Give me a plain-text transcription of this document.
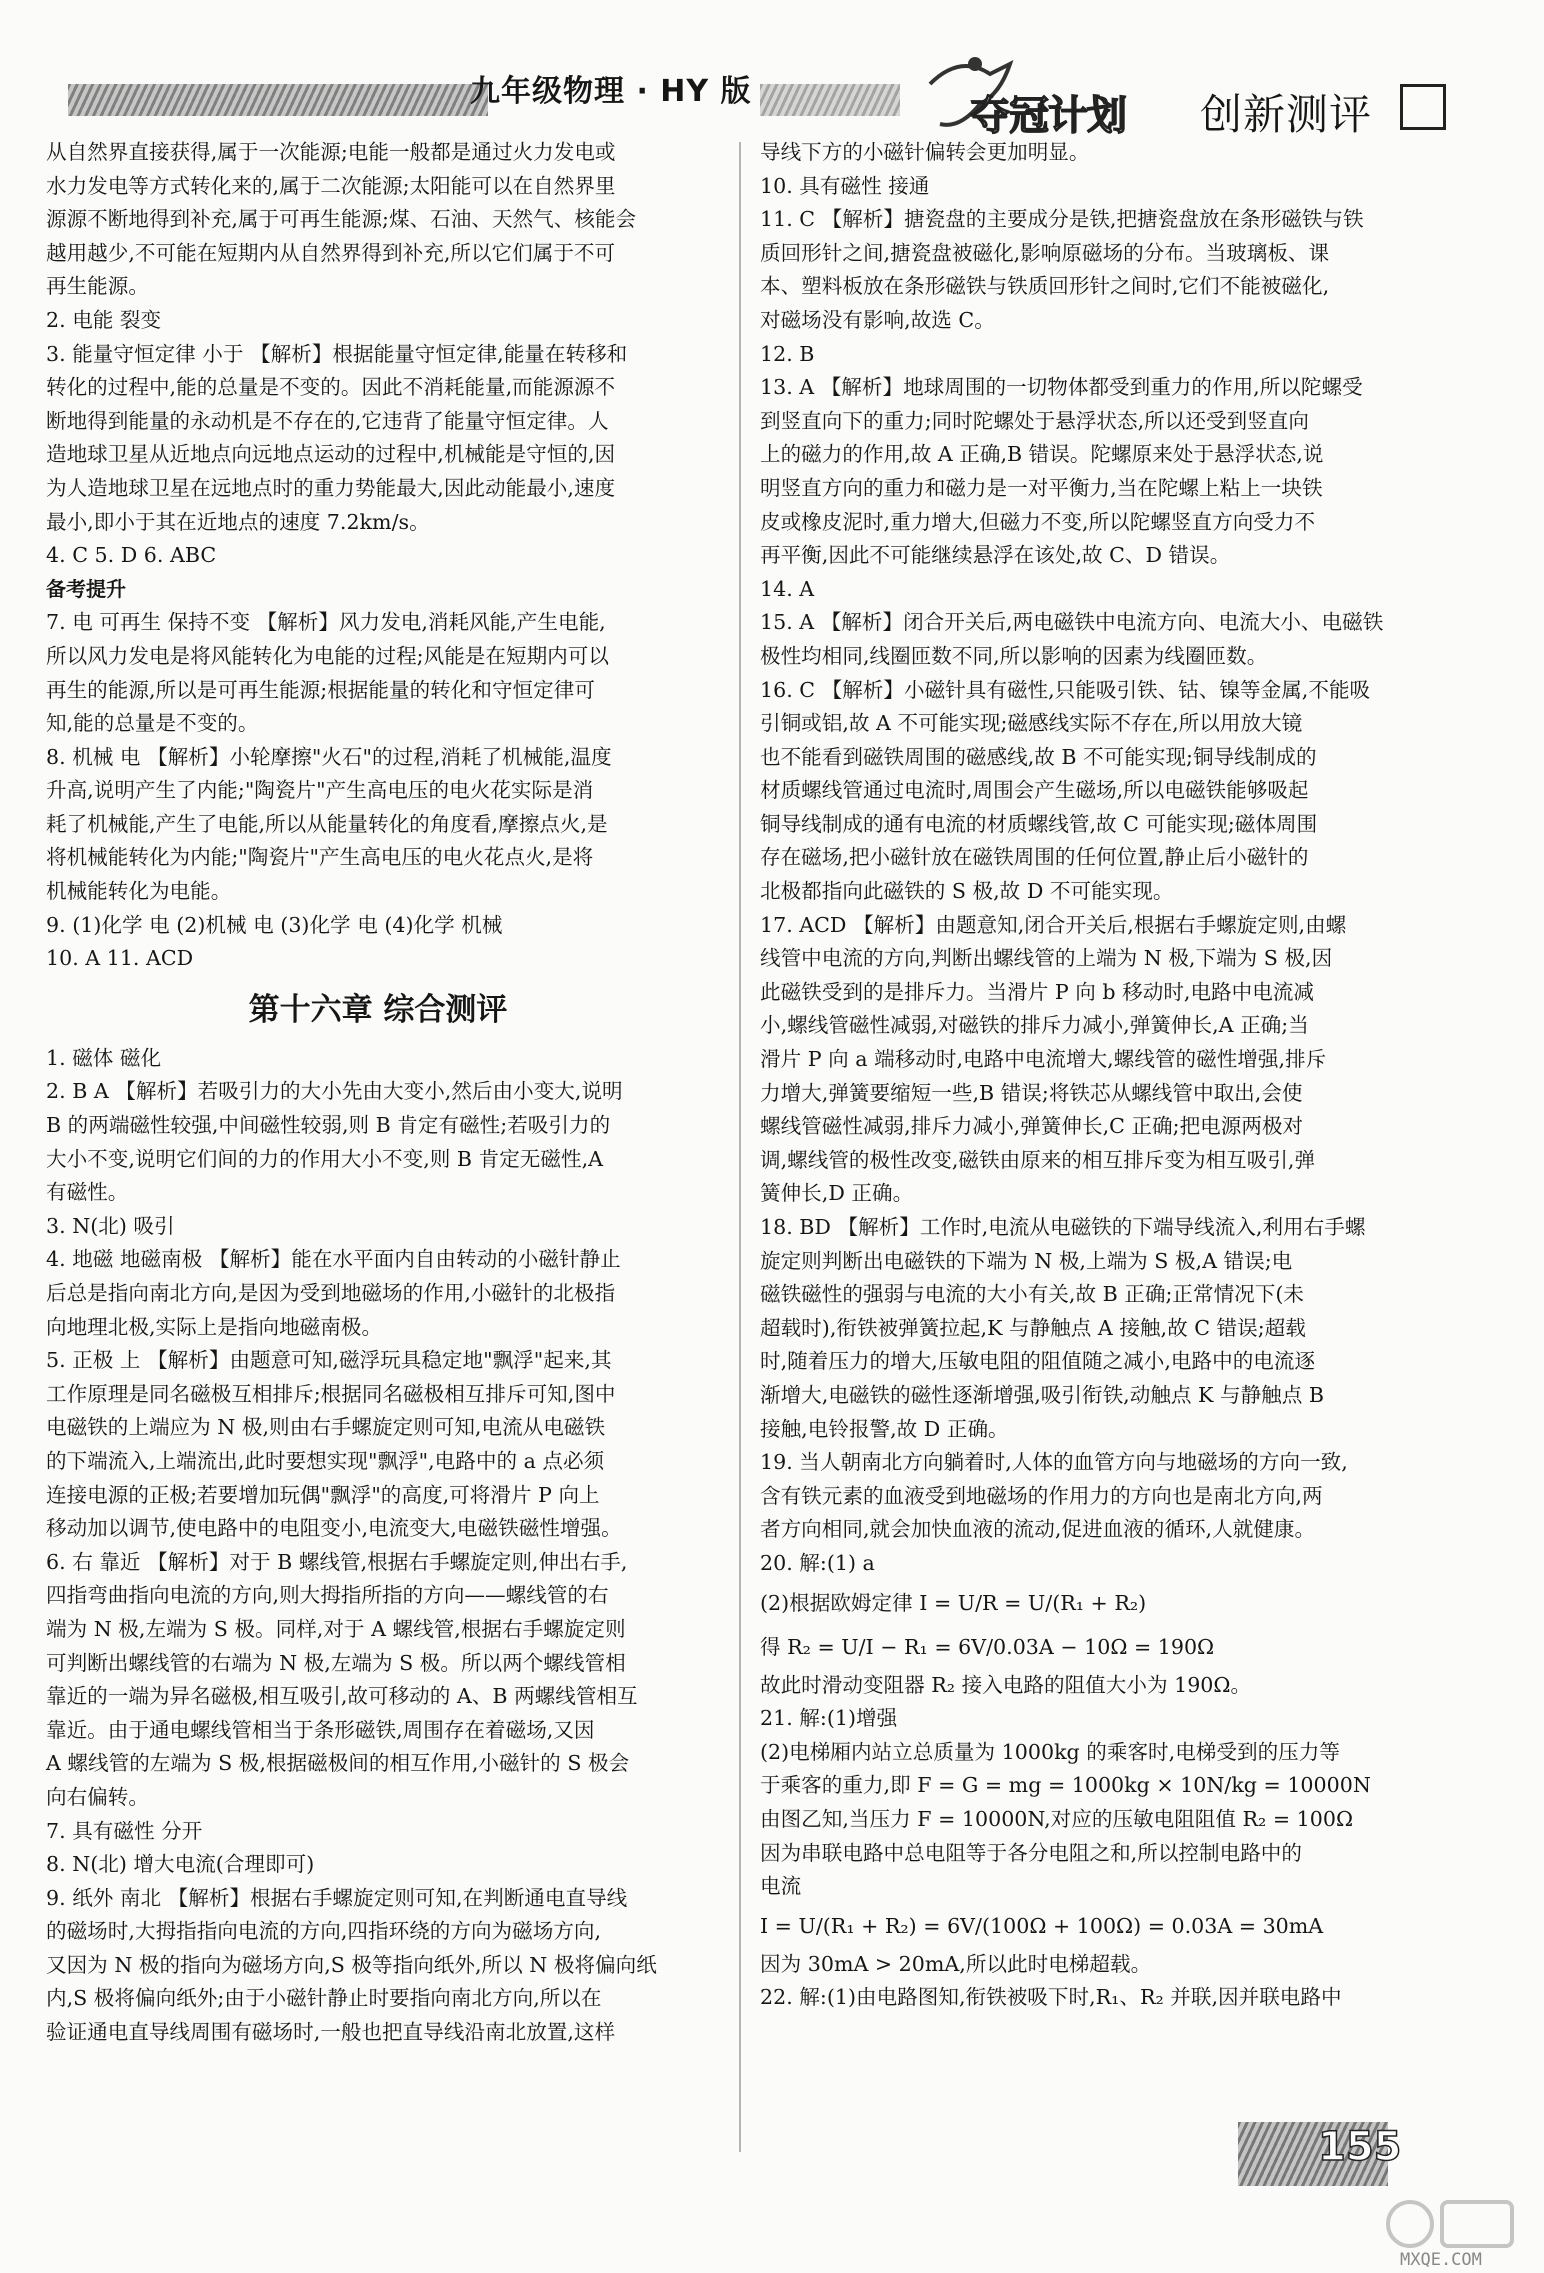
九年级物理 · HY 版
夺冠计划 创新测评
从自然界直接获得,属于一次能源;电能一般都是通过火力发电或
水力发电等方式转化来的,属于二次能源;太阳能可以在自然界里
源源不断地得到补充,属于可再生能源;煤、石油、天然气、核能会
越用越少,不可能在短期内从自然界得到补充,所以它们属于不可
再生能源。
2. 电能 裂变
3. 能量守恒定律 小于 【解析】根据能量守恒定律,能量在转移和
转化的过程中,能的总量是不变的。因此不消耗能量,而能源源不
断地得到能量的永动机是不存在的,它违背了能量守恒定律。人
造地球卫星从近地点向远地点运动的过程中,机械能是守恒的,因
为人造地球卫星在远地点时的重力势能最大,因此动能最小,速度
最小,即小于其在近地点的速度 7.2km/s。
4. C 5. D 6. ABC
备考提升
7. 电 可再生 保持不变 【解析】风力发电,消耗风能,产生电能,
所以风力发电是将风能转化为电能的过程;风能是在短期内可以
再生的能源,所以是可再生能源;根据能量的转化和守恒定律可
知,能的总量是不变的。
8. 机械 电 【解析】小轮摩擦"火石"的过程,消耗了机械能,温度
升高,说明产生了内能;"陶瓷片"产生高电压的电火花实际是消
耗了机械能,产生了电能,所以从能量转化的角度看,摩擦点火,是
将机械能转化为内能;"陶瓷片"产生高电压的电火花点火,是将
机械能转化为电能。
9. (1)化学 电 (2)机械 电 (3)化学 电 (4)化学 机械
10. A 11. ACD
第十六章 综合测评
1. 磁体 磁化
2. B A 【解析】若吸引力的大小先由大变小,然后由小变大,说明
B 的两端磁性较强,中间磁性较弱,则 B 肯定有磁性;若吸引力的
大小不变,说明它们间的力的作用大小不变,则 B 肯定无磁性,A
有磁性。
3. N(北) 吸引
4. 地磁 地磁南极 【解析】能在水平面内自由转动的小磁针静止
后总是指向南北方向,是因为受到地磁场的作用,小磁针的北极指
向地理北极,实际上是指向地磁南极。
5. 正极 上 【解析】由题意可知,磁浮玩具稳定地"飘浮"起来,其
工作原理是同名磁极互相排斥;根据同名磁极相互排斥可知,图中
电磁铁的上端应为 N 极,则由右手螺旋定则可知,电流从电磁铁
的下端流入,上端流出,此时要想实现"飘浮",电路中的 a 点必须
连接电源的正极;若要增加玩偶"飘浮"的高度,可将滑片 P 向上
移动加以调节,使电路中的电阻变小,电流变大,电磁铁磁性增强。
6. 右 靠近 【解析】对于 B 螺线管,根据右手螺旋定则,伸出右手,
四指弯曲指向电流的方向,则大拇指所指的方向——螺线管的右
端为 N 极,左端为 S 极。同样,对于 A 螺线管,根据右手螺旋定则
可判断出螺线管的右端为 N 极,左端为 S 极。所以两个螺线管相
靠近的一端为异名磁极,相互吸引,故可移动的 A、B 两螺线管相互
靠近。由于通电螺线管相当于条形磁铁,周围存在着磁场,又因
A 螺线管的左端为 S 极,根据磁极间的相互作用,小磁针的 S 极会
向右偏转。
7. 具有磁性 分开
8. N(北) 增大电流(合理即可)
9. 纸外 南北 【解析】根据右手螺旋定则可知,在判断通电直导线
的磁场时,大拇指指向电流的方向,四指环绕的方向为磁场方向,
又因为 N 极的指向为磁场方向,S 极等指向纸外,所以 N 极将偏向纸
内,S 极将偏向纸外;由于小磁针静止时要指向南北方向,所以在
验证通电直导线周围有磁场时,一般也把直导线沿南北放置,这样
导线下方的小磁针偏转会更加明显。
10. 具有磁性 接通
11. C 【解析】搪瓷盘的主要成分是铁,把搪瓷盘放在条形磁铁与铁
质回形针之间,搪瓷盘被磁化,影响原磁场的分布。当玻璃板、课
本、塑料板放在条形磁铁与铁质回形针之间时,它们不能被磁化,
对磁场没有影响,故选 C。
12. B
13. A 【解析】地球周围的一切物体都受到重力的作用,所以陀螺受
到竖直向下的重力;同时陀螺处于悬浮状态,所以还受到竖直向
上的磁力的作用,故 A 正确,B 错误。陀螺原来处于悬浮状态,说
明竖直方向的重力和磁力是一对平衡力,当在陀螺上粘上一块铁
皮或橡皮泥时,重力增大,但磁力不变,所以陀螺竖直方向受力不
再平衡,因此不可能继续悬浮在该处,故 C、D 错误。
14. A
15. A 【解析】闭合开关后,两电磁铁中电流方向、电流大小、电磁铁
极性均相同,线圈匝数不同,所以影响的因素为线圈匝数。
16. C 【解析】小磁针具有磁性,只能吸引铁、钴、镍等金属,不能吸
引铜或铝,故 A 不可能实现;磁感线实际不存在,所以用放大镜
也不能看到磁铁周围的磁感线,故 B 不可能实现;铜导线制成的
材质螺线管通过电流时,周围会产生磁场,所以电磁铁能够吸起
铜导线制成的通有电流的材质螺线管,故 C 可能实现;磁体周围
存在磁场,把小磁针放在磁铁周围的任何位置,静止后小磁针的
北极都指向此磁铁的 S 极,故 D 不可能实现。
17. ACD 【解析】由题意知,闭合开关后,根据右手螺旋定则,由螺
线管中电流的方向,判断出螺线管的上端为 N 极,下端为 S 极,因
此磁铁受到的是排斥力。当滑片 P 向 b 移动时,电路中电流减
小,螺线管磁性减弱,对磁铁的排斥力减小,弹簧伸长,A 正确;当
滑片 P 向 a 端移动时,电路中电流增大,螺线管的磁性增强,排斥
力增大,弹簧要缩短一些,B 错误;将铁芯从螺线管中取出,会使
螺线管磁性减弱,排斥力减小,弹簧伸长,C 正确;把电源两极对
调,螺线管的极性改变,磁铁由原来的相互排斥变为相互吸引,弹
簧伸长,D 正确。
18. BD 【解析】工作时,电流从电磁铁的下端导线流入,利用右手螺
旋定则判断出电磁铁的下端为 N 极,上端为 S 极,A 错误;电
磁铁磁性的强弱与电流的大小有关,故 B 正确;正常情况下(未
超载时),衔铁被弹簧拉起,K 与静触点 A 接触,故 C 错误;超载
时,随着压力的增大,压敏电阻的阻值随之减小,电路中的电流逐
渐增大,电磁铁的磁性逐渐增强,吸引衔铁,动触点 K 与静触点 B
接触,电铃报警,故 D 正确。
19. 当人朝南北方向躺着时,人体的血管方向与地磁场的方向一致,
含有铁元素的血液受到地磁场的作用力的方向也是南北方向,两
者方向相同,就会加快血液的流动,促进血液的循环,人就健康。
20. 解:(1) a
(2)根据欧姆定律 I = U/R = U/(R₁ + R₂)
得 R₂ = U/I − R₁ = 6V/0.03A − 10Ω = 190Ω
故此时滑动变阻器 R₂ 接入电路的阻值大小为 190Ω。
21. 解:(1)增强
(2)电梯厢内站立总质量为 1000kg 的乘客时,电梯受到的压力等
于乘客的重力,即 F = G = mg = 1000kg × 10N/kg = 10000N
由图乙知,当压力 F = 10000N,对应的压敏电阻阻值 R₂ = 100Ω
因为串联电路中总电阻等于各分电阻之和,所以控制电路中的
电流
I = U/(R₁ + R₂) = 6V/(100Ω + 100Ω) = 0.03A = 30mA
因为 30mA > 20mA,所以此时电梯超载。
22. 解:(1)由电路图知,衔铁被吸下时,R₁、R₂ 并联,因并联电路中
155
MXQE.COM
